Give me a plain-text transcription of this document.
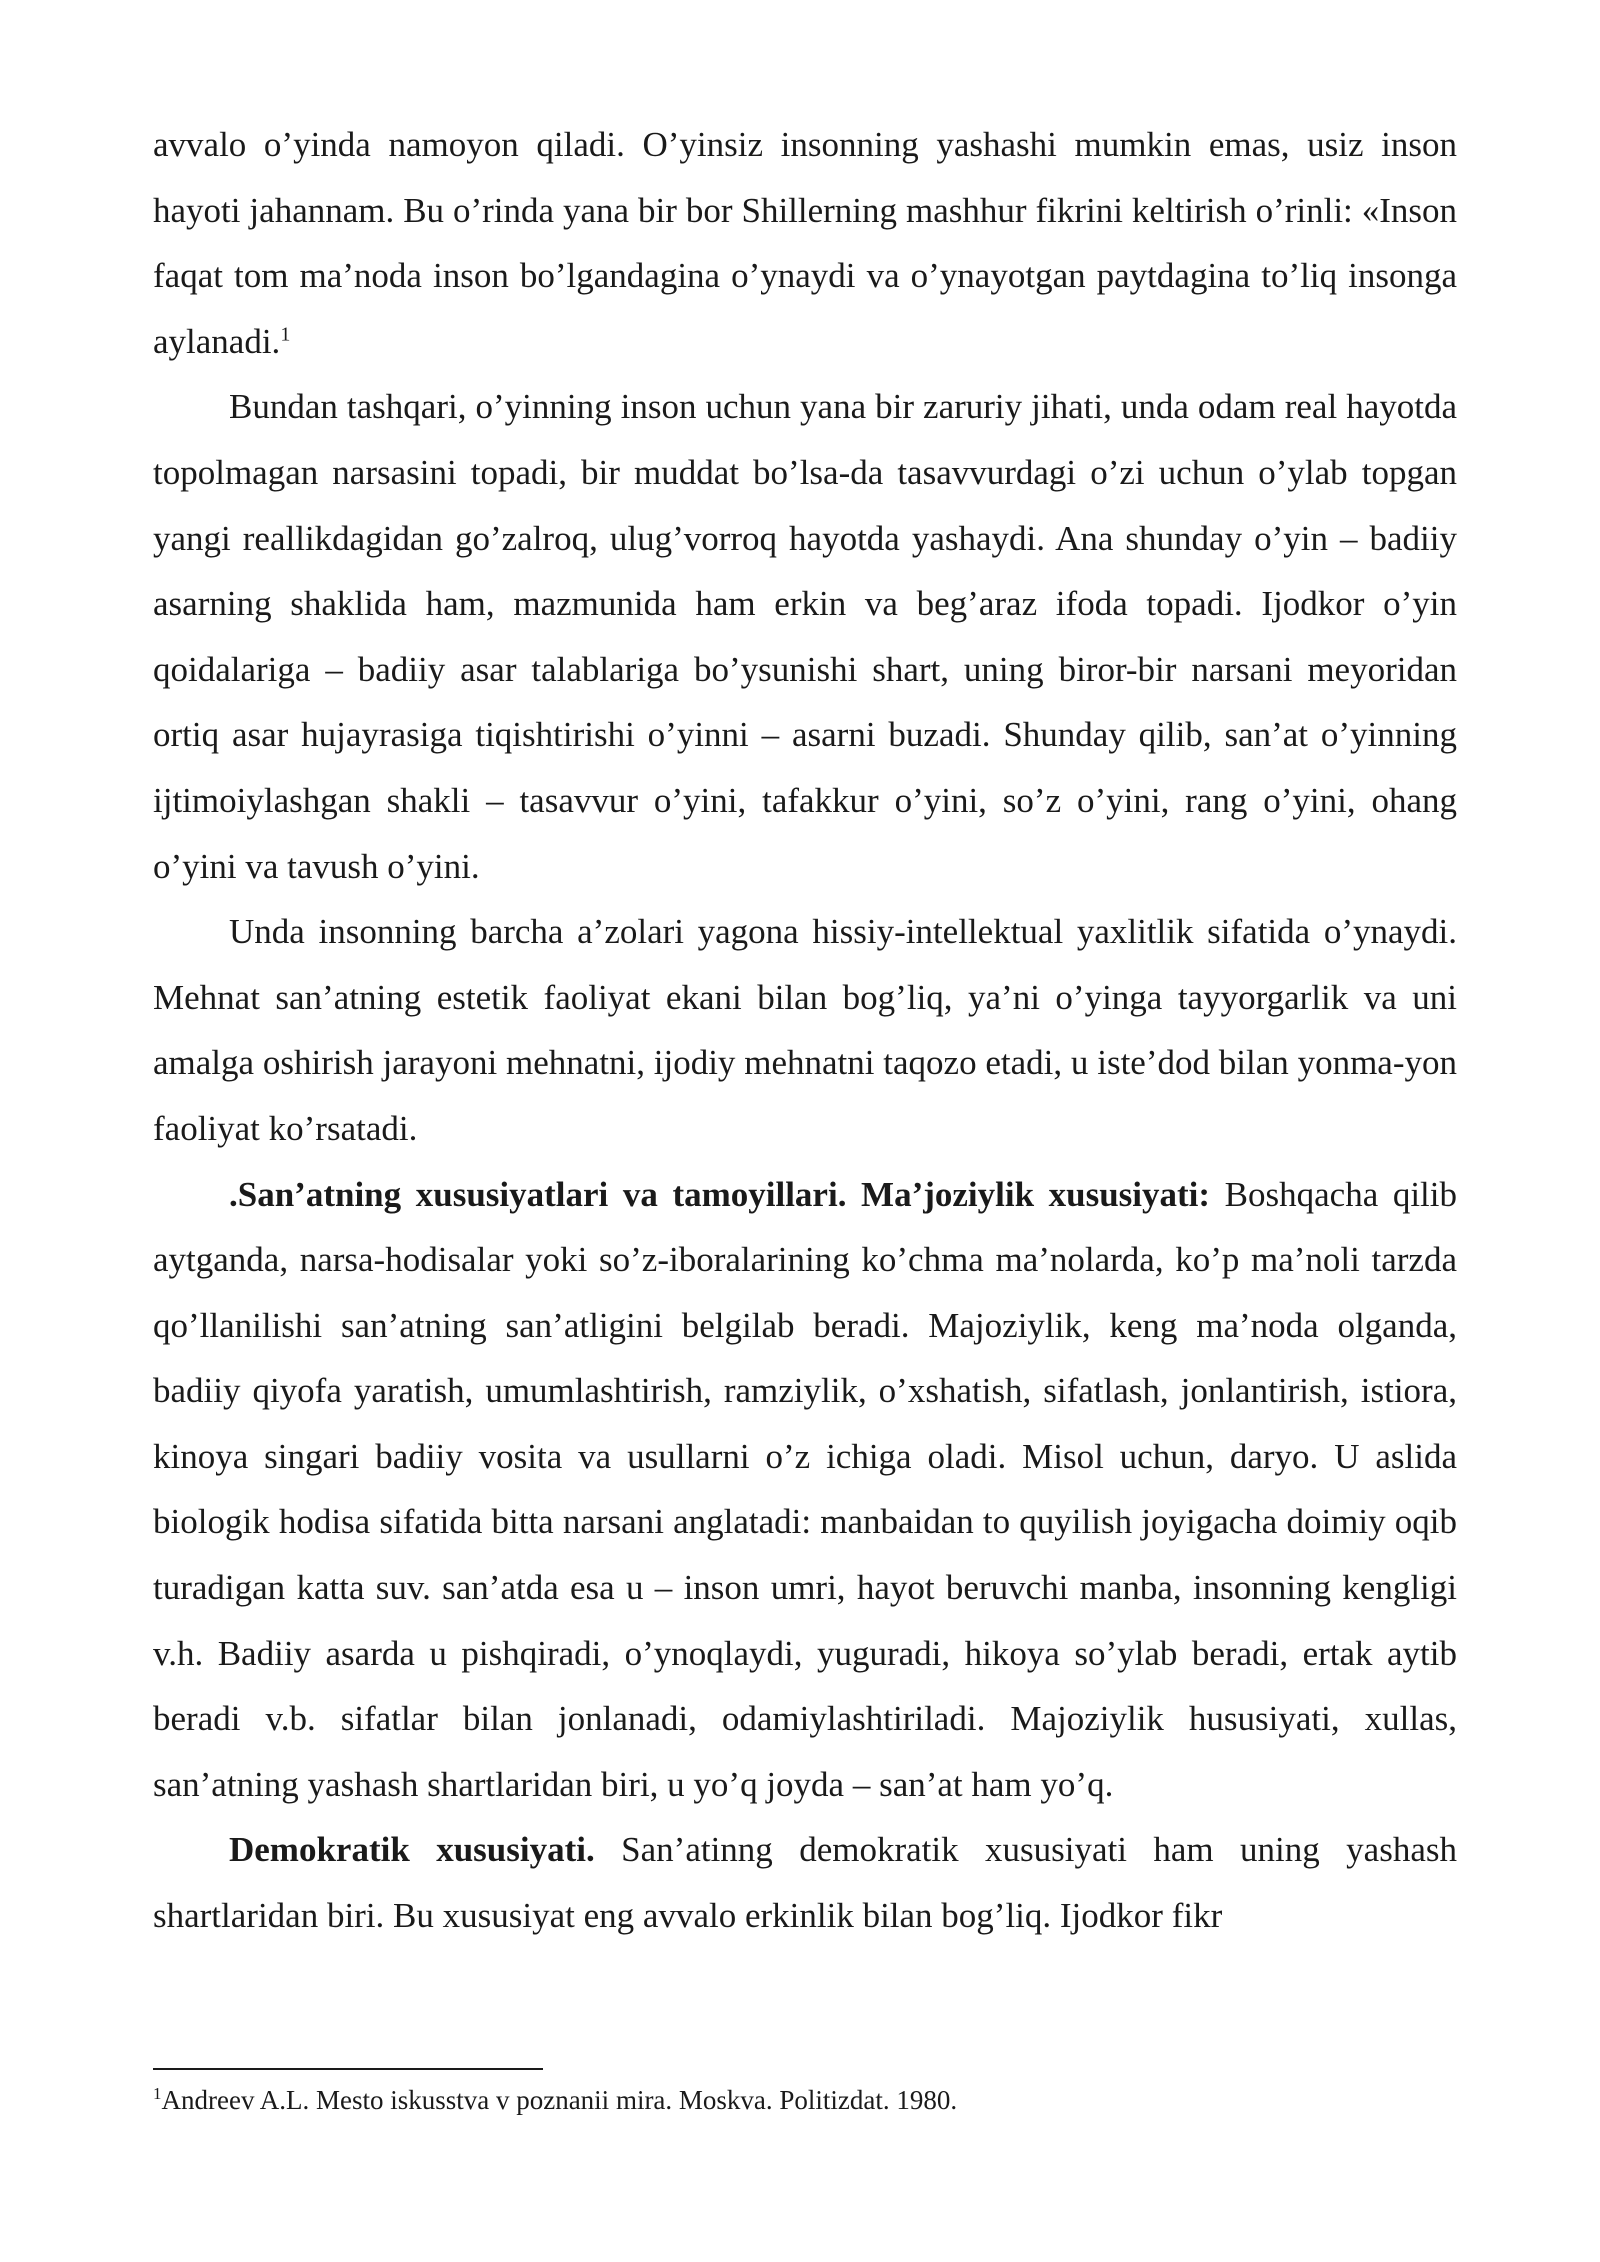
avvalo o’yinda namoyon qiladi. O’yinsiz insonning yashashi mumkin emas, usiz inson hayoti jahannam. Bu o’rinda yana bir bor Shillerning mashhur fikrini keltirish o’rinli: «Inson faqat tom ma’noda inson bo’lgandagina o’ynaydi va o’ynayotgan paytdagina to’liq insonga aylanadi.$^1$

Bundan tashqari, o’yinning inson uchun yana bir zaruriy jihati, unda odam real hayotda topolmagan narsasini topadi, bir muddat bo’lsa-da tasavvurdagi o’zi uchun o’ylab topgan yangi reallikdagidan go’zalroq, ulug’vorroq hayotda yashaydi. Ana shunday o’yin – badiiy asarning shaklida ham, mazmunida ham erkin va beg’araz ifoda topadi. Ijodkor o’yin qoidalariga – badiiy asar talablariga bo’ysunishi shart, uning biror-bir narsani meyoridan ortiq asar hujayrasiga tiqishtirishi o’yinni – asarni buzadi. Shunday qilib, san’at o’yinning ijtimoiylashgan shakli – tasavvur o’yini, tafakkur o’yini, so’z o’yini, rang o’yini, ohang o’yini va tavush o’yini.

Unda insonning barcha a’zolari yagona hissiy-intellektual yaxlitlik sifatida o’ynaydi. Mehnat san’atning estetik faoliyat ekani bilan bog’liq, ya’ni o’yinga tayyorgarlik va uni amalga oshirish jarayoni mehnatni, ijodiy mehnatni taqozo etadi, u iste’dod bilan yonma-yon faoliyat ko’rsatadi.

.San’atning xususiyatlari va tamoyillari. Ma’joziylik xususiyati: Boshqacha qilib aytganda, narsa-hodisalar yoki so’z-iboralarining ko’chma ma’nolarda, ko’p ma’noli tarzda qo’llanilishi san’atning san’atligini belgilab beradi. Majoziylik, keng ma’noda olganda, badiiy qiyofa yaratish, umumlashtirish, ramziylik, o’xshatish, sifatlash, jonlantirish, istiora, kinoya singari badiiy vosita va usullarni o’z ichiga oladi. Misol uchun, daryo. U aslida biologik hodisa sifatida bitta narsani anglatadi: manbaidan to quyilish joyigacha doimiy oqib turadigan katta suv. san’atda esa u – inson umri, hayot beruvchi manba, insonning kengligi v.h. Badiiy asarda u pishqiradi, o’ynoqlaydi, yuguradi, hikoya so’ylab beradi, ertak aytib beradi v.b. sifatlar bilan jonlanadi, odamiylashtiriladi. Majoziylik hususiyati, xullas, san’atning yashash shartlaridan biri, u yo’q joyda – san’at ham yo’q.

Demokratik xususiyati. San’atinng demokratik xususiyati ham uning yashash shartlaridan biri. Bu xususiyat eng avvalo erkinlik bilan bog’liq. Ijodkor fikr

$^1$Andreev A.L. Mesto iskusstva v poznanii mira. Moskva. Politizdat. 1980.
